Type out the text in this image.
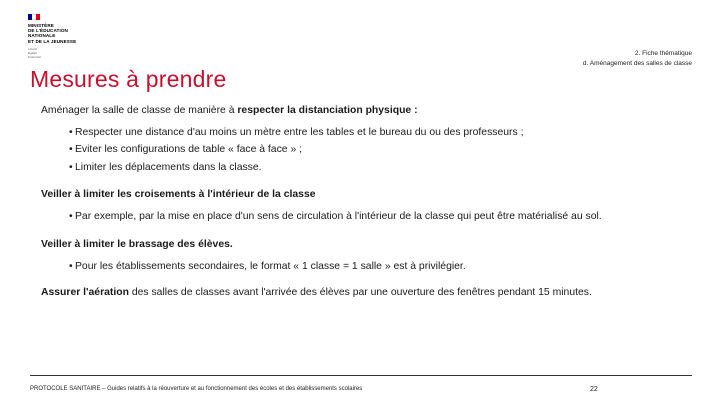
MINISTÈRE
DE L'ÉDUCATION
NATIONALE
ET DE LA JEUNESSE
Liberté
Égalité
Fraternité	2. Fiche thématique
d. Aménagement des salles de classe
Mesures à prendre

Aménager la salle de classe de manière à respecter la distanciation physique :

• Respecter une distance d'au moins un mètre entre les tables et le bureau du ou des professeurs ;
• Eviter les configurations de table « face à face » ;
• Limiter les déplacements dans la classe.

Veiller à limiter les croisements à l'intérieur de la classe

• Par exemple, par la mise en place d'un sens de circulation à l'intérieur de la classe qui peut être matérialisé au sol.

Veiller à limiter le brassage des élèves.

• Pour les établissements secondaires, le format « 1 classe = 1 salle » est à privilégier.

Assurer l'aération des salles de classes avant l'arrivée des élèves par une ouverture des fenêtres pendant 15 minutes.

PROTOCOLE SANITAIRE – Guides relatifs à la réouverture et au fonctionnement des écoles et des établissements scolaires	22
